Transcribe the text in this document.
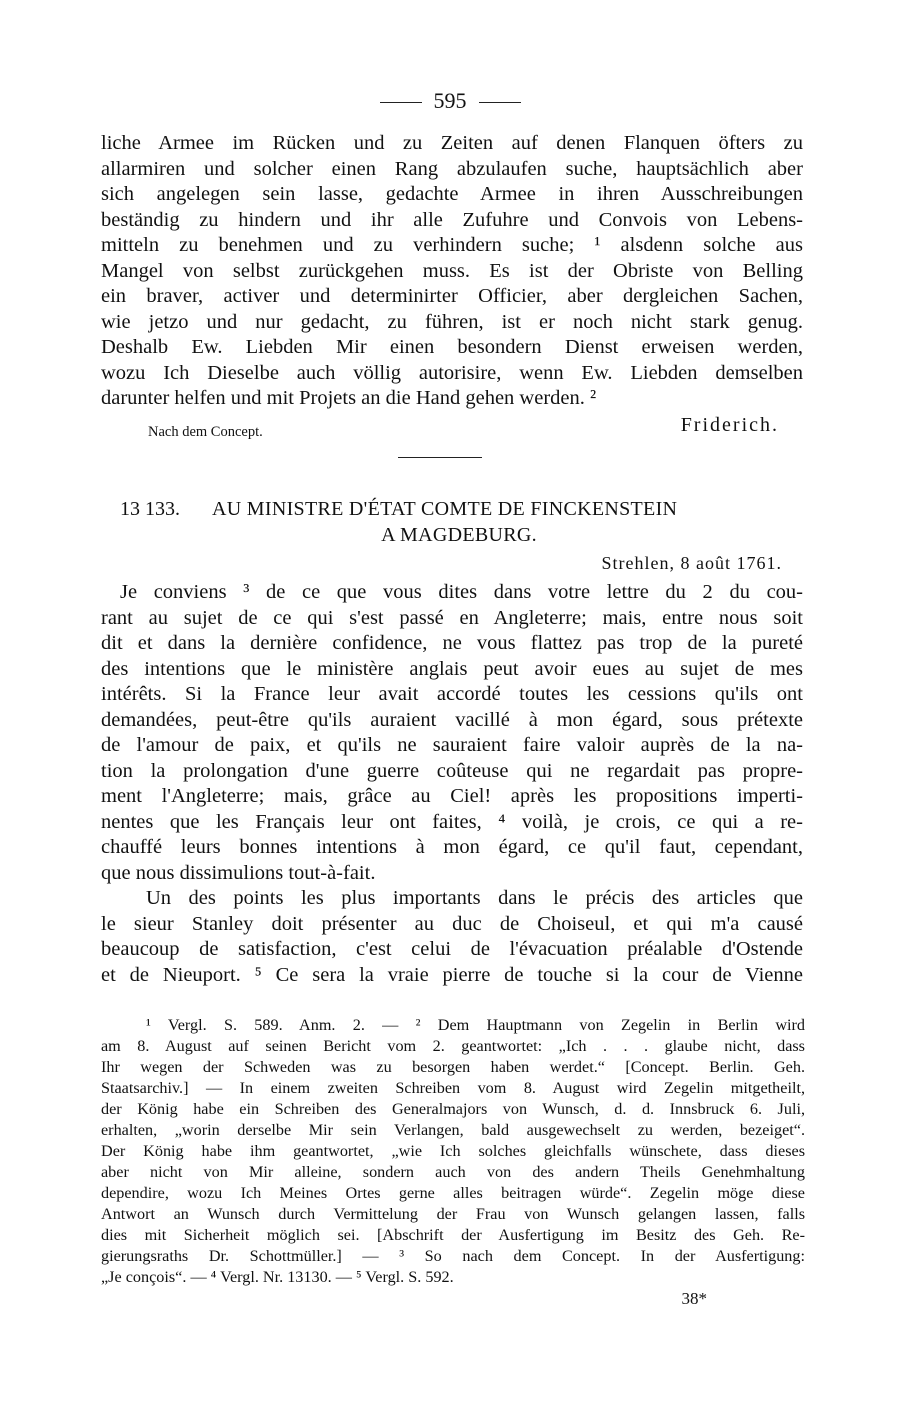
595
liche Armee im Rücken und zu Zeiten auf denen Flanquen öfters zu
allarmiren und solcher einen Rang abzulaufen suche, hauptsächlich aber
sich angelegen sein lasse, gedachte Armee in ihren Ausschreibungen
beständig zu hindern und ihr alle Zufuhre und Convois von Lebens-
mitteln zu benehmen und zu verhindern suche; ¹ alsdenn solche aus
Mangel von selbst zurückgehen muss. Es ist der Obriste von Belling
ein braver, activer und determinirter Officier, aber dergleichen Sachen,
wie jetzo und nur gedacht, zu führen, ist er noch nicht stark genug.
Deshalb Ew. Liebden Mir einen besondern Dienst erweisen werden,
wozu Ich Dieselbe auch völlig autorisire, wenn Ew. Liebden demselben
darunter helfen und mit Projets an die Hand gehen werden. ²
Nach dem Concept.	Friderich.
13 133. AU MINISTRE D'ÉTAT COMTE DE FINCKENSTEIN
A MAGDEBURG.
Strehlen, 8 août 1761.
Je conviens ³ de ce que vous dites dans votre lettre du 2 du cou-
rant au sujet de ce qui s'est passé en Angleterre; mais, entre nous soit
dit et dans la dernière confidence, ne vous flattez pas trop de la pureté
des intentions que le ministère anglais peut avoir eues au sujet de mes
intérêts. Si la France leur avait accordé toutes les cessions qu'ils ont
demandées, peut-être qu'ils auraient vacillé à mon égard, sous prétexte
de l'amour de paix, et qu'ils ne sauraient faire valoir auprès de la na-
tion la prolongation d'une guerre coûteuse qui ne regardait pas propre-
ment l'Angleterre; mais, grâce au Ciel! après les propositions imperti-
nentes que les Français leur ont faites, ⁴ voilà, je crois, ce qui a re-
chauffé leurs bonnes intentions à mon égard, ce qu'il faut, cependant,
que nous dissimulions tout-à-fait.
Un des points les plus importants dans le précis des articles que
le sieur Stanley doit présenter au duc de Choiseul, et qui m'a causé
beaucoup de satisfaction, c'est celui de l'évacuation préalable d'Ostende
et de Nieuport. ⁵ Ce sera la vraie pierre de touche si la cour de Vienne
¹ Vergl. S. 589. Anm. 2. — ² Dem Hauptmann von Zegelin in Berlin wird
am 8. August auf seinen Bericht vom 2. geantwortet: „Ich . . . glaube nicht, dass
Ihr wegen der Schweden was zu besorgen haben werdet.“ [Concept. Berlin. Geh.
Staatsarchiv.] — In einem zweiten Schreiben vom 8. August wird Zegelin mitgetheilt,
der König habe ein Schreiben des Generalmajors von Wunsch, d. d. Innsbruck 6. Juli,
erhalten, „worin derselbe Mir sein Verlangen, bald ausgewechselt zu werden, bezeiget“.
Der König habe ihm geantwortet, „wie Ich solches gleichfalls wünschete, dass dieses
aber nicht von Mir alleine, sondern auch von des andern Theils Genehmhaltung
dependire, wozu Ich Meines Ortes gerne alles beitragen würde“. Zegelin möge diese
Antwort an Wunsch durch Vermittelung der Frau von Wunsch gelangen lassen, falls
dies mit Sicherheit möglich sei. [Abschrift der Ausfertigung im Besitz des Geh. Re-
gierungsraths Dr. Schottmüller.] — ³ So nach dem Concept. In der Ausfertigung:
„Je conçois“. — ⁴ Vergl. Nr. 13130. — ⁵ Vergl. S. 592.
38*
